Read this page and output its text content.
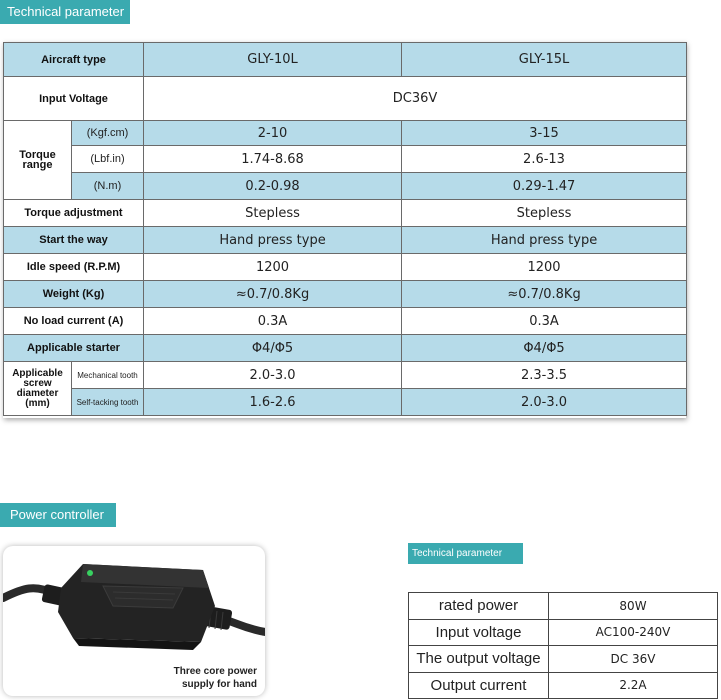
Technical parameter
Aircraft type		GLY-10L	GLY-15L
Input Voltage		DC36V	
Torque range	(Kgf.cm)	2-10	3-15
	(Lbf.in)	1.74-8.68	2.6-13
	(N.m)	0.2-0.98	0.29-1.47
Torque adjustment		Stepless	Stepless
Start the way		Hand press type	Hand press type
Idle speed (R.P.M)		1200	1200
Weight (Kg)		≈0.7/0.8Kg	≈0.7/0.8Kg
No load current (A)		0.3A	0.3A
Applicable starter		Φ4/Φ5	Φ4/Φ5
Applicable screw diameter (mm)	Mechanical tooth	2.0-3.0	2.3-3.5
	Self-tacking tooth	1.6-2.6	2.0-3.0
Power controller
Three core power
supply for hand
Technical parameter
rated power	80W
Input voltage	AC100-240V
The output voltage	DC 36V
Output current	2.2A
